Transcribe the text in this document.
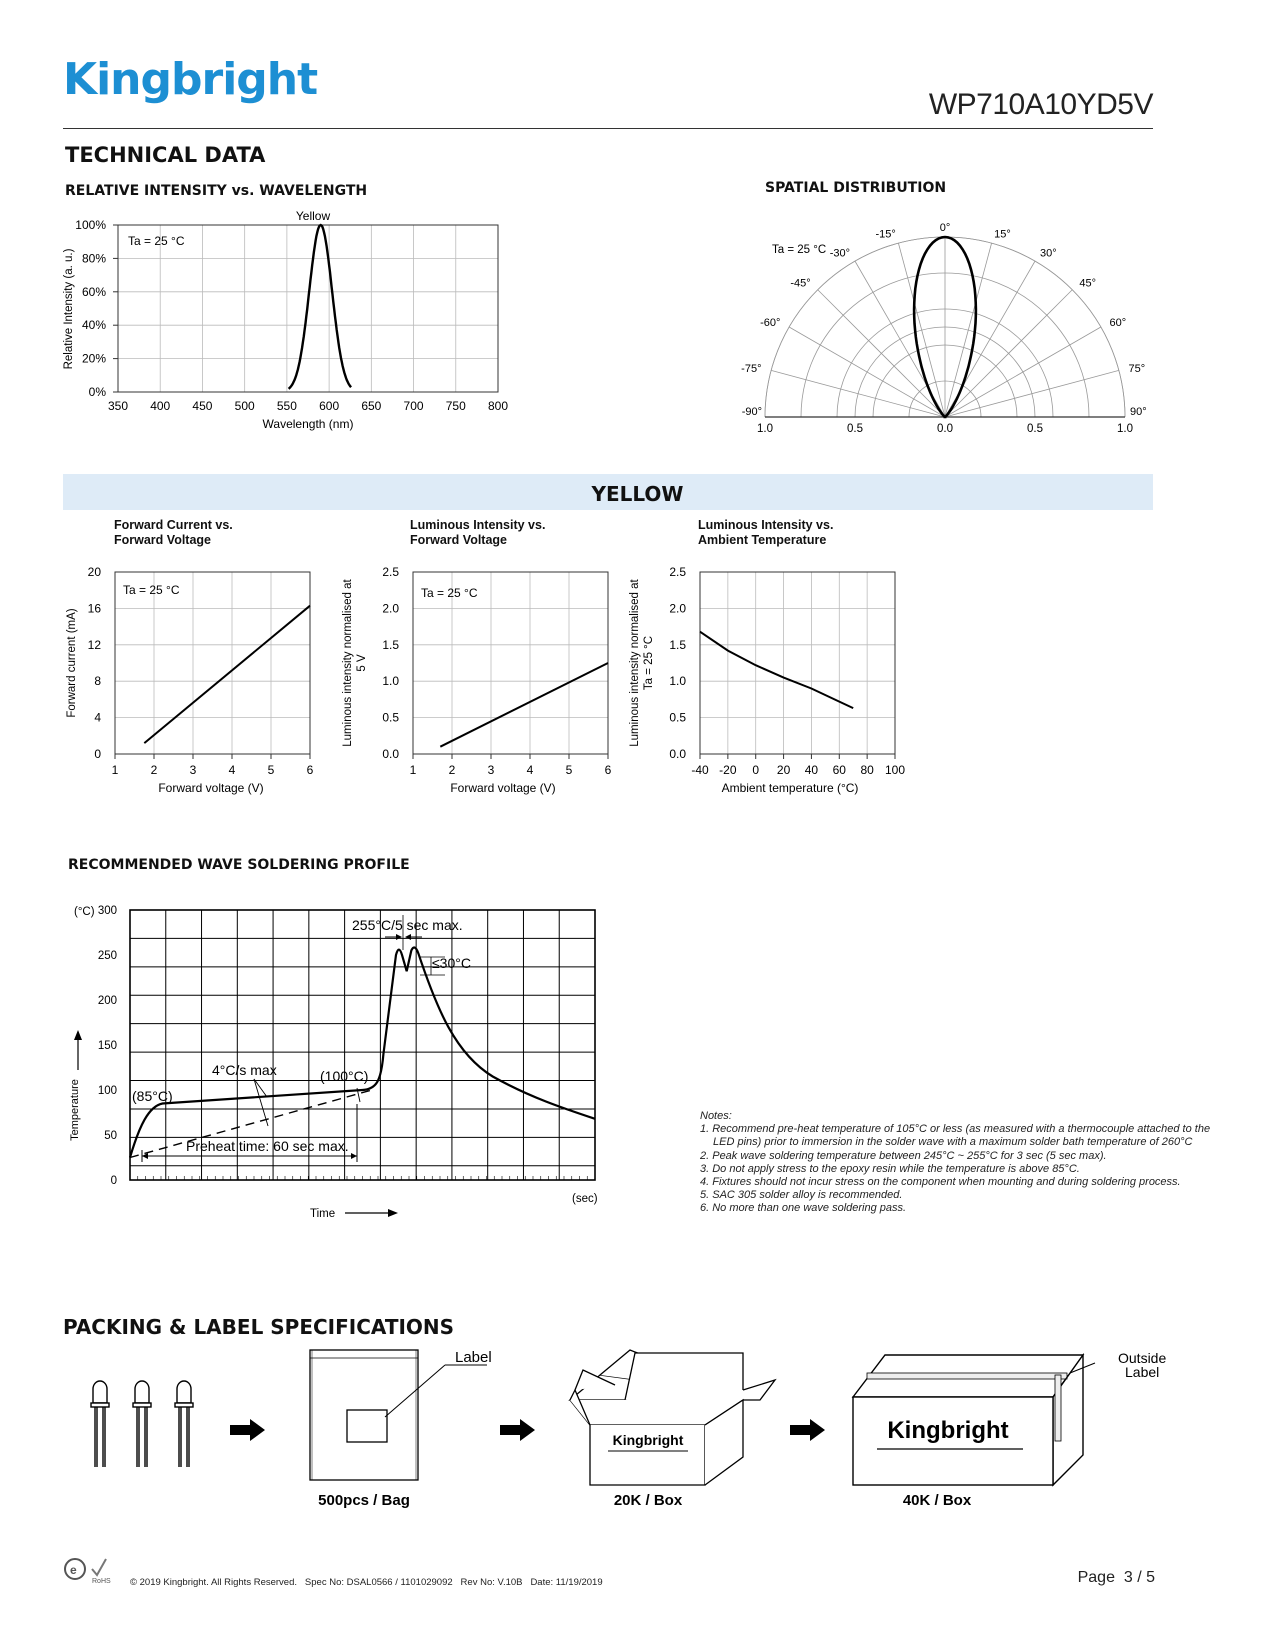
Kingbright	WP710A10YD5V
TECHNICAL DATA
RELATIVE INTENSITY vs. WAVELENGTH
Yellow
Ta = 25 °C
Wavelength (nm)
Relative Intensity (a. u.)
350 400 450 500 550 600 650 700 750 800
0%
20%
40%
60%
80%
100%
SPATIAL DISTRIBUTION
Ta = 25 °C
-90°
-75°
-60°
-45°
-30°
-15°
0°
15°
30°
45°
60°
75°
90°
1.0	0.5	0.0	0.5	1.0
YELLOW
Forward Current vs.
Forward Voltage
Luminous Intensity vs.
Forward Voltage
Luminous Intensity vs.
Ambient Temperature
Ta = 25 °C
Forward voltage (V)
Forward current (mA)
1	2	3	4	5	6
0
4
8
12
16
20
Ta = 25 °C
Forward voltage (V)
Luminous intensity normalised at 5 V
1	2	3	4	5	6
0.0
0.5
1.0
1.5
2.0
2.5
Ambient temperature (°C)
Luminous intensity normalised at Ta = 25 °C
-40 -20 0 20 40 60 80 100
0.0
0.5
1.0
1.5
2.0
2.5
RECOMMENDED WAVE SOLDERING PROFILE
(°C)
0
50
100
150
200
250
300
Temperature
Time
(sec)
255°C/5 sec max.
≤30°C
4°C/s max	(100°C)
(85°C)
Preheat time: 60 sec max.
Notes:
1. Recommend pre-heat temperature of 105°C or less (as measured with a thermocouple attached to the LED pins) prior to immersion in the solder wave with a maximum solder bath temperature of 260°C
2. Peak wave soldering temperature between 245°C ~ 255°C for 3 sec (5 sec max).
3. Do not apply stress to the epoxy resin while the temperature is above 85°C.
4. Fixtures should not incur stress on the component when mounting and during soldering process.
5. SAC 305 solder alloy is recommended.
6. No more than one wave soldering pass.
PACKING & LABEL SPECIFICATIONS
Label
500pcs / Bag
Kingbright
20K / Box
Kingbright
Outside
Label
40K / Box
e
RoHS © 2019 Kingbright. All Rights Reserved.   Spec No: DSAL0566 / 1101029092   Rev No: V.10B   Date: 11/19/2019	Page  3 / 5
